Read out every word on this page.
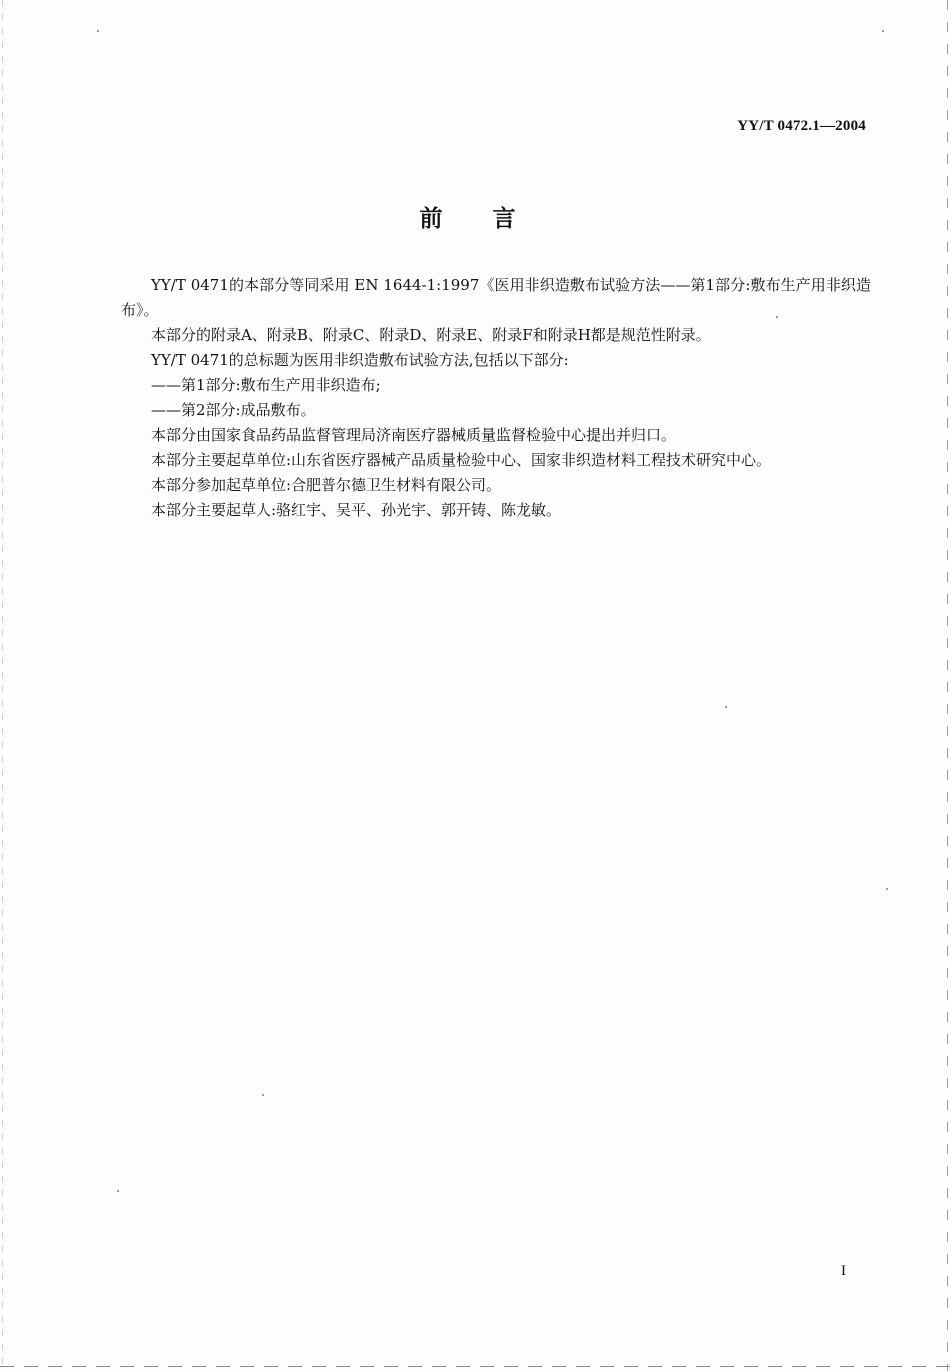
YY/T 0472.1—2004
前言

YY/T 0471的本部分等同采用 EN 1644-1:1997《医用非织造敷布试验方法——第1部分:敷布生产用非织造布》。

本部分的附录A、附录B、附录C、附录D、附录E、附录F和附录H都是规范性附录。

YY/T 0471的总标题为医用非织造敷布试验方法,包括以下部分:

——第1部分:敷布生产用非织造布;

——第2部分:成品敷布。

本部分由国家食品药品监督管理局济南医疗器械质量监督检验中心提出并归口。

本部分主要起草单位:山东省医疗器械产品质量检验中心、国家非织造材料工程技术研究中心。

本部分参加起草单位:合肥普尔德卫生材料有限公司。

本部分主要起草人:骆红宇、吴平、孙光宇、郭开铸、陈龙敏。

I
